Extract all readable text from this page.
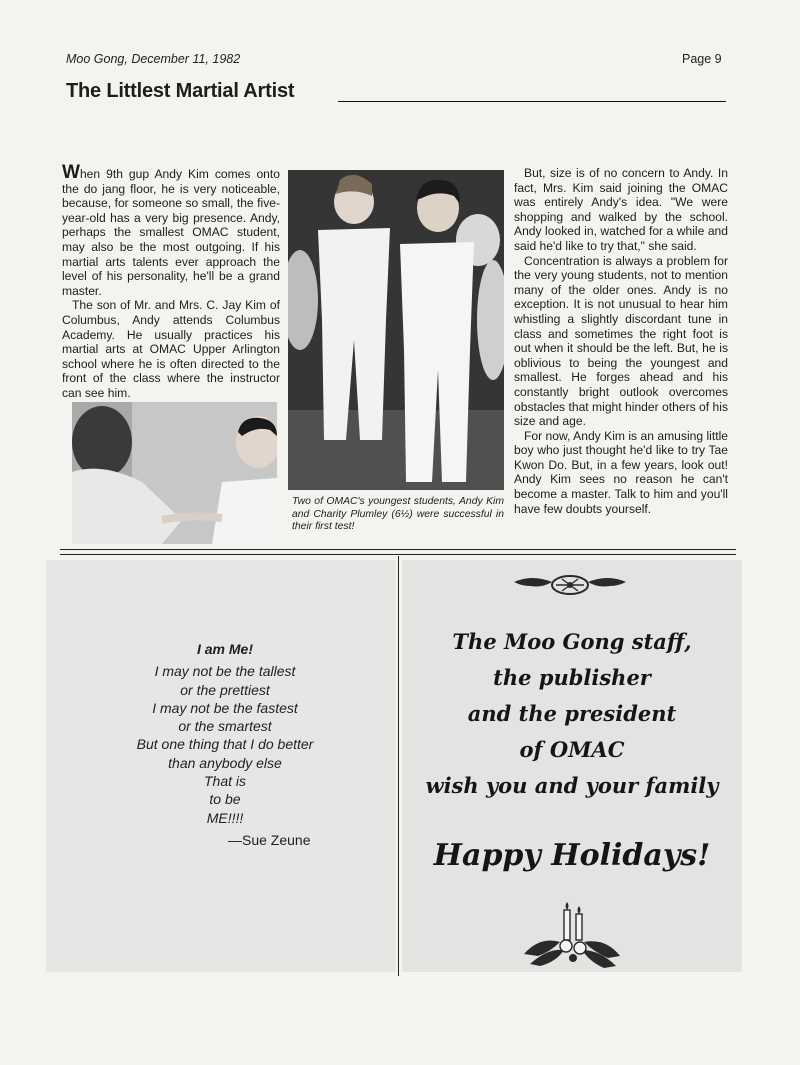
Moo Gong, December 11, 1982	Page 9
The Littlest Martial Artist

When 9th gup Andy Kim comes onto the do jang floor, he is very noticeable, because, for someone so small, the five-year-old has a very big presence. Andy, perhaps the smallest OMAC student, may also be the most outgoing. If his martial arts talents ever approach the level of his personality, he'll be a grand master.

The son of Mr. and Mrs. C. Jay Kim of Columbus, Andy attends Columbus Academy. He usually practices his martial arts at OMAC Upper Arlington school where he is often directed to the front of the class where the instructor can see him.

Two of OMAC's youngest students, Andy Kim and Charity Plumley (6½) were successful in their first test!

But, size is of no concern to Andy. In fact, Mrs. Kim said joining the OMAC was entirely Andy's idea. "We were shopping and walked by the school. Andy looked in, watched for a while and said he'd like to try that," she said.

Concentration is always a problem for the very young students, not to mention many of the older ones. Andy is no exception. It is not unusual to hear him whistling a slightly discordant tune in class and sometimes the right foot is out when it should be the left. But, he is oblivious to being the youngest and smallest. He forges ahead and his constantly bright outlook overcomes obstacles that might hinder others of his size and age.

For now, Andy Kim is an amusing little boy who just thought he'd like to try Tae Kwon Do. But, in a few years, look out! Andy Kim sees no reason he can't become a master. Talk to him and you'll have few doubts yourself.

I am Me!
I may not be the tallest
or the prettiest
I may not be the fastest
or the smartest
But one thing that I do better
than anybody else
That is
to be
ME!!!!
—Sue Zeune
The Moo Gong staff,
the publisher
and the president
of OMAC
wish you and your family
Happy Holidays!
